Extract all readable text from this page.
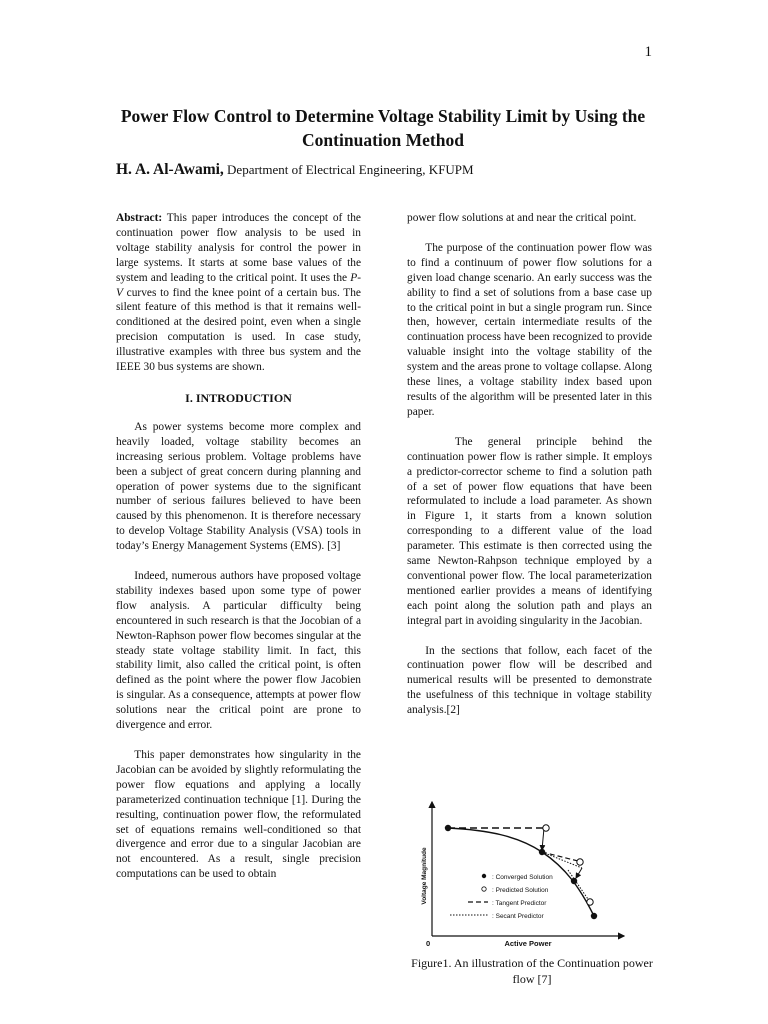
1
Power Flow Control to Determine Voltage Stability Limit by Using the Continuation Method
H. A. Al-Awami, Department of Electrical Engineering, KFUPM

Abstract: This paper introduces the concept of the continuation power flow analysis to be used in voltage stability analysis for control the power in large systems. It starts at some base values of the system and leading to the critical point. It uses the P-V curves to find the knee point of a certain bus. The silent feature of this method is that it remains well-conditioned at the desired point, even when a single precision computation is used. In case study, illustrative examples with three bus system and the IEEE 30 bus systems are shown.

I. INTRODUCTION

As power systems become more complex and heavily loaded, voltage stability becomes an increasing serious problem. Voltage problems have been a subject of great concern during planning and operation of power systems due to the significant number of serious failures believed to have been caused by this phenomenon. It is therefore necessary to develop Voltage Stability Analysis (VSA) tools in today’s Energy Management Systems (EMS). [3]

Indeed, numerous authors have proposed voltage stability indexes based upon some type of power flow analysis. A particular difficulty being encountered in such research is that the Jocobian of a Newton-Raphson power flow becomes singular at the steady state voltage stability limit. In fact, this stability limit, also called the critical point, is often defined as the point where the power flow Jacobien is singular. As a consequence, attempts at power flow solutions near the critical point are prone to divergence and error.

This paper demonstrates how singularity in the Jacobian can be avoided by slightly reformulating the power flow equations and applying a locally parameterized continuation technique [1]. During the resulting, continuation power flow, the reformulated set of equations remains well-conditioned so that divergence and error due to a singular Jacobian are not encountered. As a result, single precision computations can be used to obtain

power flow solutions at and near the critical point.

The purpose of the continuation power flow was to find a continuum of power flow solutions for a given load change scenario. An early success was the ability to find a set of solutions from a base case up to the critical point in but a single program run. Since then, however, certain intermediate results of the continuation process have been recognized to provide valuable insight into the voltage stability of the system and the areas prone to voltage collapse. Along these lines, a voltage stability index based upon results of the algorithm will be presented later in this paper.

The general principle behind the continuation power flow is rather simple. It employs a predictor-corrector scheme to find a solution path of a set of power flow equations that have been reformulated to include a load parameter. As shown in Figure 1, it starts from a known solution corresponding to a different value of the load parameter. This estimate is then corrected using the same Newton-Rahpson technique employed by a conventional power flow. The local parameterization mentioned earlier provides a means of identifying each point along the solution path and plays an integral part in avoiding singularity in the Jacobian.

In the sections that follow, each facet of the continuation power flow will be described and numerical results will be presented to demonstrate the usefulness of this technique in voltage stability analysis.[2]

: Converged Solution
: Predicted Solution
: Tangent Predictor
: Secant Predictor
0	Active Power
Voltage Magnitude
Figure1. An illustration of the Continuation power flow [7]
